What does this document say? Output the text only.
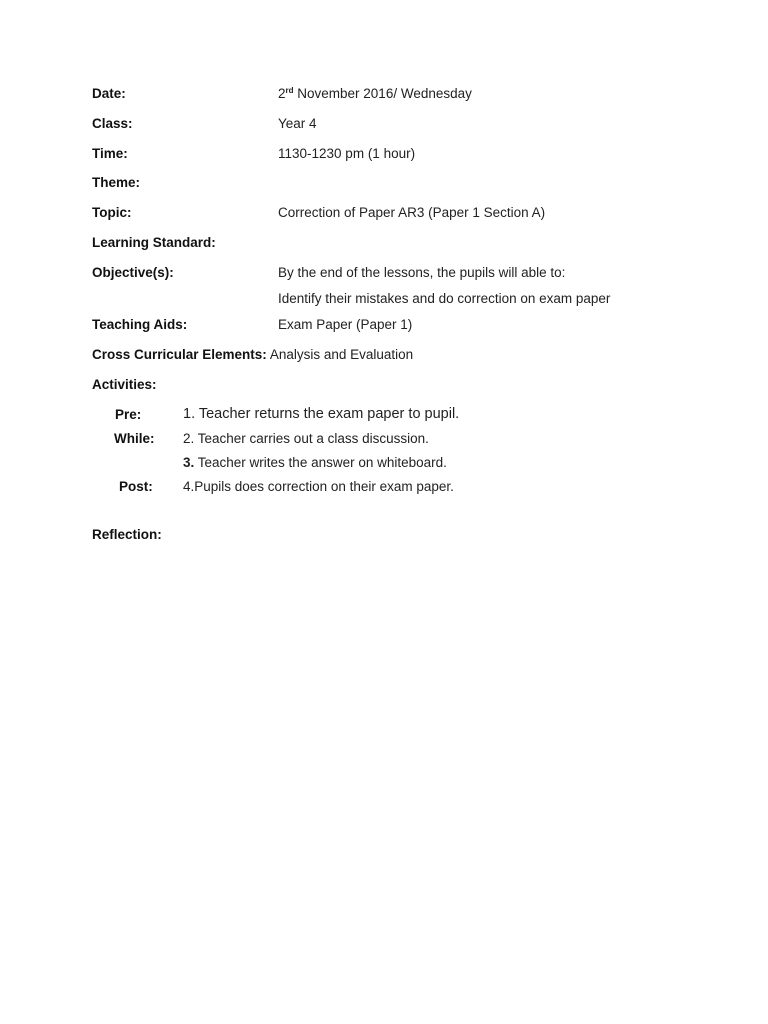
Date:	2rd November 2016/ Wednesday
Class:	Year 4
Time:	1130-1230 pm (1 hour)
Theme:
Topic:	Correction of Paper AR3 (Paper 1 Section A)
Learning Standard:
Objective(s):	By the end of the lessons, the pupils will able to:
Identify their mistakes and do correction on exam paper
Teaching Aids:	Exam Paper (Paper 1)
Cross Curricular Elements: Analysis and Evaluation
Activities:
Pre:	1. Teacher returns the exam paper to pupil.
While: 2. Teacher carries out a class discussion.
3. Teacher writes the answer on whiteboard.
Post: 4.Pupils does correction on their exam paper.
Reflection:
